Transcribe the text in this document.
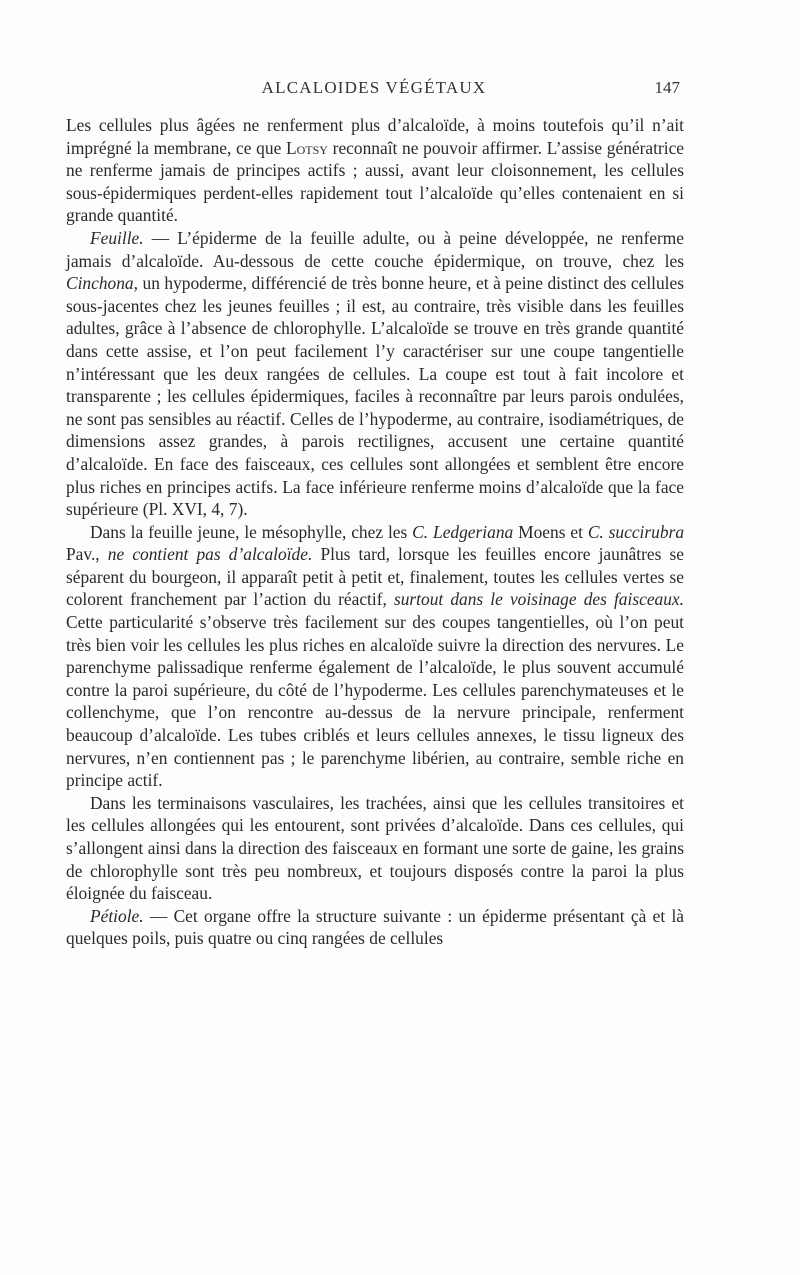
ALCALOIDES VÉGÉTAUX	147

Les cellules plus âgées ne renferment plus d’alcaloïde, à moins toutefois qu’il n’ait imprégné la membrane, ce que Lotsy reconnaît ne pouvoir affirmer. L’assise génératrice ne renferme jamais de principes actifs ; aussi, avant leur cloisonnement, les cellules sous-épidermiques perdent-elles rapidement tout l’alcaloïde qu’elles contenaient en si grande quantité.

Feuille. — L’épiderme de la feuille adulte, ou à peine développée, ne renferme jamais d’alcaloïde. Au-dessous de cette couche épidermique, on trouve, chez les Cinchona, un hypoderme, différencié de très bonne heure, et à peine distinct des cellules sous-jacentes chez les jeunes feuilles ; il est, au contraire, très visible dans les feuilles adultes, grâce à l’absence de chlorophylle. L’alcaloïde se trouve en très grande quantité dans cette assise, et l’on peut facilement l’y caractériser sur une coupe tangentielle n’intéressant que les deux rangées de cellules. La coupe est tout à fait incolore et transparente ; les cellules épidermiques, faciles à reconnaître par leurs parois ondulées, ne sont pas sensibles au réactif. Celles de l’hypoderme, au contraire, isodiamétriques, de dimensions assez grandes, à parois rectilignes, accusent une certaine quantité d’alcaloïde. En face des faisceaux, ces cellules sont allongées et semblent être encore plus riches en principes actifs. La face inférieure renferme moins d’alcaloïde que la face supérieure (Pl. XVI, 4, 7).

Dans la feuille jeune, le mésophylle, chez les C. Ledgeriana Moens et C. succirubra Pav., ne contient pas d’alcaloïde. Plus tard, lorsque les feuilles encore jaunâtres se séparent du bourgeon, il apparaît petit à petit et, finalement, toutes les cellules vertes se colorent franchement par l’action du réactif, surtout dans le voisinage des faisceaux. Cette particularité s’observe très facilement sur des coupes tangentielles, où l’on peut très bien voir les cellules les plus riches en alcaloïde suivre la direction des nervures. Le parenchyme palissadique renferme également de l’alcaloïde, le plus souvent accumulé contre la paroi supérieure, du côté de l’hypoderme. Les cellules parenchymateuses et le collenchyme, que l’on rencontre au-dessus de la nervure principale, renferment beaucoup d’alcaloïde. Les tubes criblés et leurs cellules annexes, le tissu ligneux des nervures, n’en contiennent pas ; le parenchyme libérien, au contraire, semble riche en principe actif.

Dans les terminaisons vasculaires, les trachées, ainsi que les cellules transitoires et les cellules allongées qui les entourent, sont privées d’alcaloïde. Dans ces cellules, qui s’allongent ainsi dans la direction des faisceaux en formant une sorte de gaine, les grains de chlorophylle sont très peu nombreux, et toujours disposés contre la paroi la plus éloignée du faisceau.

Pétiole. — Cet organe offre la structure suivante : un épiderme présentant çà et là quelques poils, puis quatre ou cinq rangées de cellules
